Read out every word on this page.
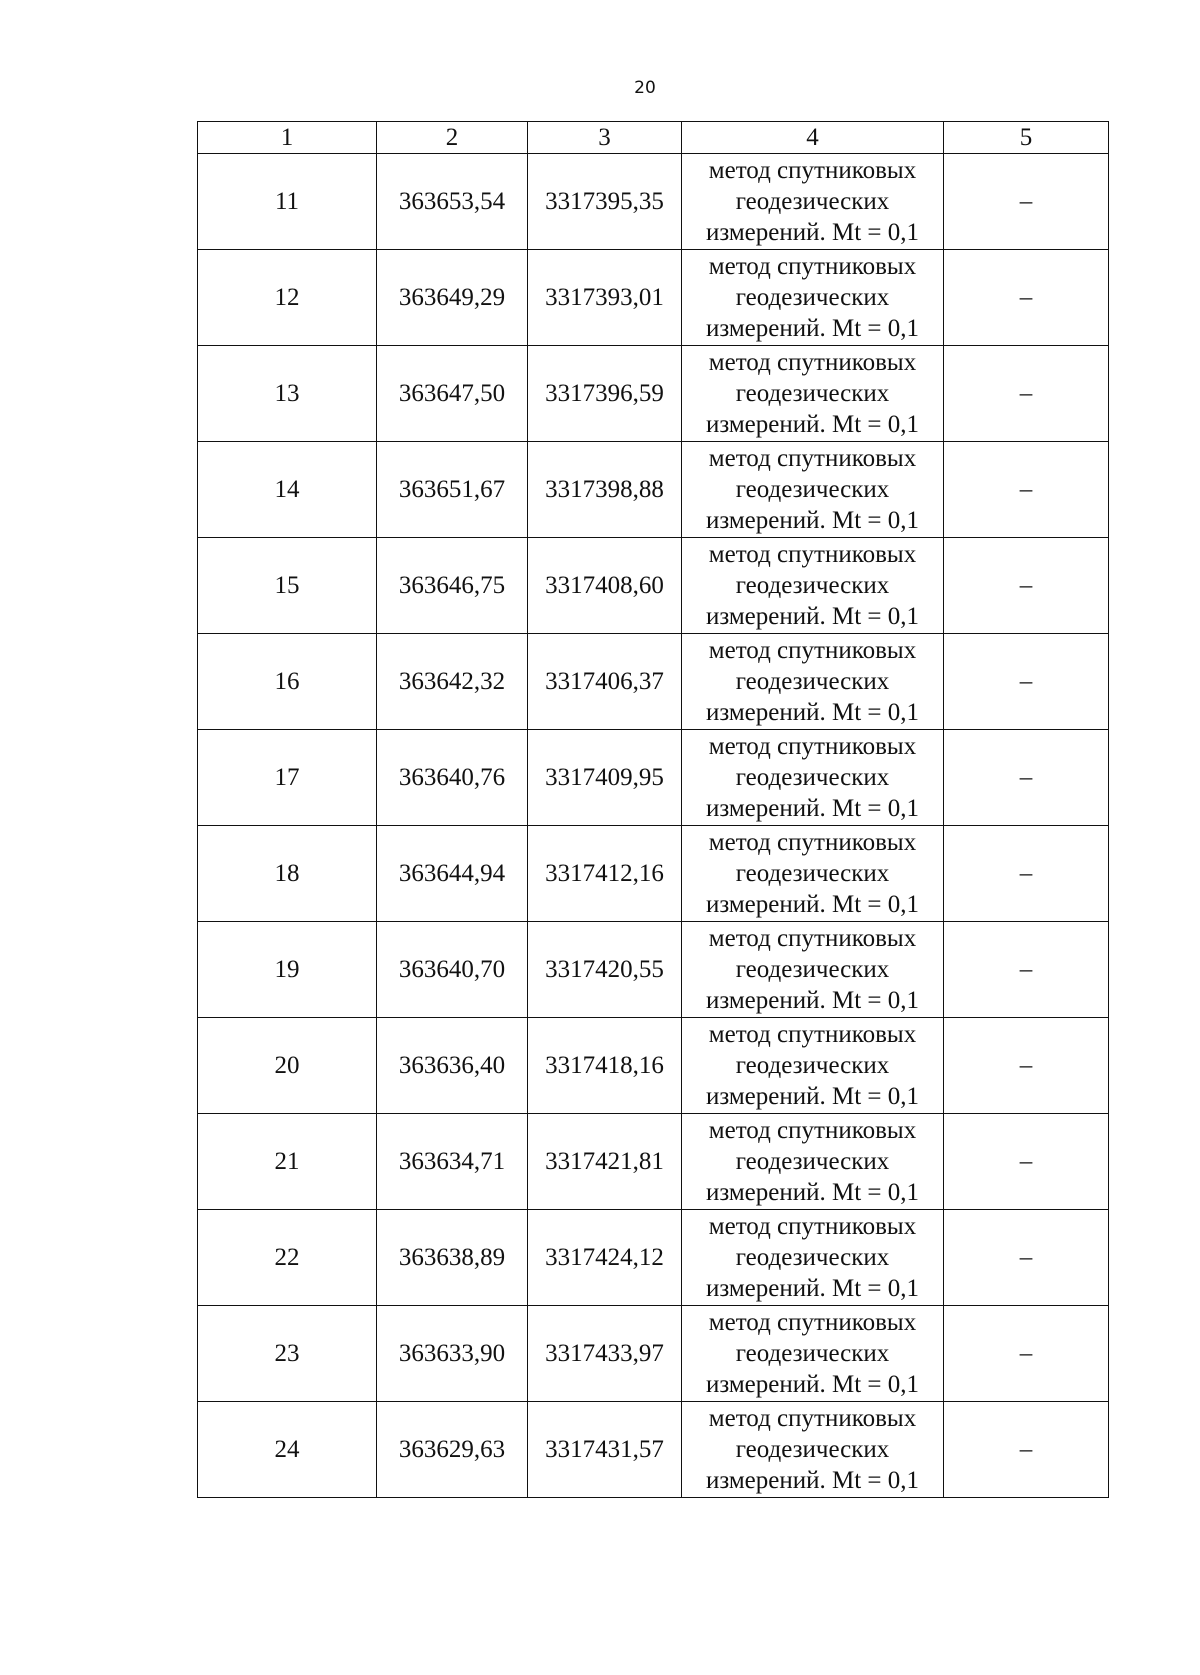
20
1	2	3	4	5
11	363653,54	3317395,35	метод спутниковых
геодезических
измерений. Mt = 0,1	–
12	363649,29	3317393,01	метод спутниковых
геодезических
измерений. Mt = 0,1	–
13	363647,50	3317396,59	метод спутниковых
геодезических
измерений. Mt = 0,1	–
14	363651,67	3317398,88	метод спутниковых
геодезических
измерений. Mt = 0,1	–
15	363646,75	3317408,60	метод спутниковых
геодезических
измерений. Mt = 0,1	–
16	363642,32	3317406,37	метод спутниковых
геодезических
измерений. Mt = 0,1	–
17	363640,76	3317409,95	метод спутниковых
геодезических
измерений. Mt = 0,1	–
18	363644,94	3317412,16	метод спутниковых
геодезических
измерений. Mt = 0,1	–
19	363640,70	3317420,55	метод спутниковых
геодезических
измерений. Mt = 0,1	–
20	363636,40	3317418,16	метод спутниковых
геодезических
измерений. Mt = 0,1	–
21	363634,71	3317421,81	метод спутниковых
геодезических
измерений. Mt = 0,1	–
22	363638,89	3317424,12	метод спутниковых
геодезических
измерений. Mt = 0,1	–
23	363633,90	3317433,97	метод спутниковых
геодезических
измерений. Mt = 0,1	–
24	363629,63	3317431,57	метод спутниковых
геодезических
измерений. Mt = 0,1	–
